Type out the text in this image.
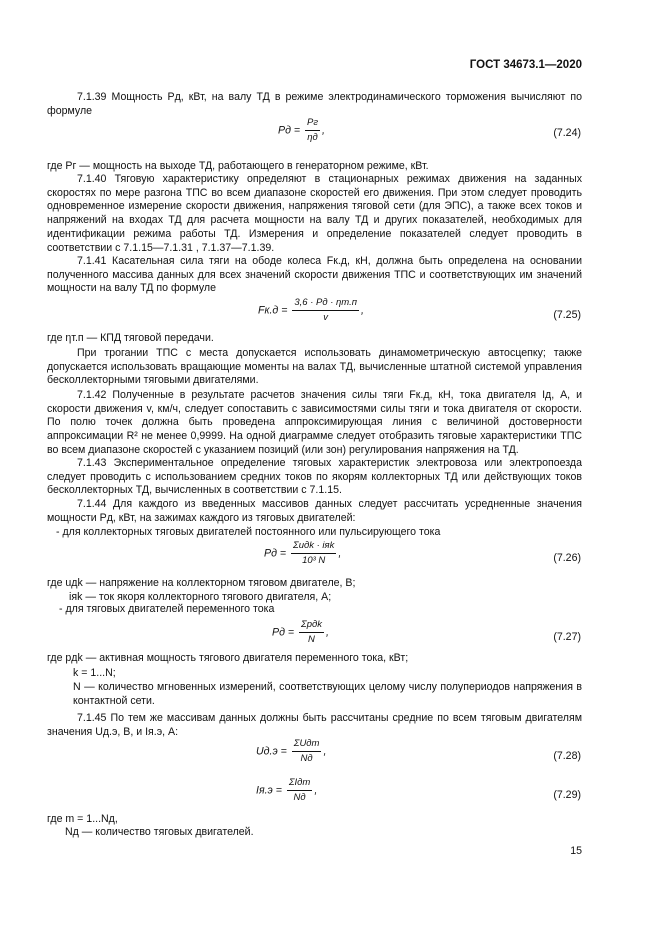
ГОСТ 34673.1—2020

7.1.39 Мощность Pд, кВт, на валу ТД в режиме электродинамического торможения вычисляют по формуле

Pд = $\frac{Pг}{\eta д}$ ,	(7.24)
где Pг — мощность на выходе ТД, работающего в генераторном режиме, кВт.

7.1.40 Тяговую характеристику определяют в стационарных режимах движения на заданных скоростях по мере разгона ТПС во всем диапазоне скоростей его движения. При этом следует проводить одновременное измерение скорости движения, напряжения тяговой сети (для ЭПС), а также всех токов и напряжений на входах ТД для расчета мощности на валу ТД и других показателей, необходимых для идентификации режима работы ТД. Измерения и определение показателей следует проводить в соответствии с 7.1.15—7.1.31 , 7.1.37—7.1.39.

7.1.41 Касательная сила тяги на ободе колеса Fк.д, кН, должна быть определена на основании полученного массива данных для всех значений скорости движения ТПС и соответствующих им значений мощности на валу ТД по формуле

$Fк.д = \frac{3,6 \cdot Pд \cdot \eta т.п}{v}$ ,	(7.25)
где ηт.п — КПД тяговой передачи.

При трогании ТПС с места допускается использовать динамометрическую автосцепку; также допускается использовать вращающие моменты на валах ТД, вычисленные штатной системой управления бесколлекторными тяговыми двигателями.

7.1.42 Полученные в результате расчетов значения силы тяги Fк.д, кН, тока двигателя Iд, А, и скорости движения v, км/ч, следует сопоставить с зависимостями силы тяги и тока двигателя от скорости. По полю точек должна быть проведена аппроксимирующая линия с величиной достоверности аппроксимации R² не менее 0,9999. На одной диаграмме следует отобразить тяговые характеристики ТПС во всем диапазоне скоростей с указанием позиций (или зон) регулирования напряжения на ТД.

7.1.43 Экспериментальное определение тяговых характеристик электровоза или электропоезда следует проводить с использованием средних токов по якорям коллекторных ТД или действующих токов бесколлекторных ТД, вычисленных в соответствии с 7.1.15.

7.1.44 Для каждого из введенных массивов данных следует рассчитать усредненные значения мощности Pд, кВт, на зажимах каждого из тяговых двигателей:

- для коллекторных тяговых двигателей постоянного или пульсирующего тока
Pд = $\frac{\text{Σuдk · iяk}}{\text{10³ N}}$ ,	(7.26)
где uдk — напряжение на коллекторном тяговом двигателе, В;
iяk — ток якоря коллекторного тягового двигателя, А;
- для тяговых двигателей переменного тока
Pд = $\frac{\text{Σpдk}}{N}$ ,	(7.27)
где pдk — активная мощность тягового двигателя переменного тока, кВт;
k = 1...N;

N — количество мгновенных измерений, соответствующих целому числу полупериодов напряжения в контактной сети.

7.1.45 По тем же массивам данных должны быть рассчитаны средние по всем тяговым двигателям значения Uд.э, В, и Iя.э, А:

$Uд.э = \frac{\text{ΣUдm}}{Nд}$ ,	(7.28)
$Iя.э = \frac{\text{ΣIдm}}{Nд}$ ,	(7.29)
где m = 1...Nд,
Nд — количество тяговых двигателей.
15
